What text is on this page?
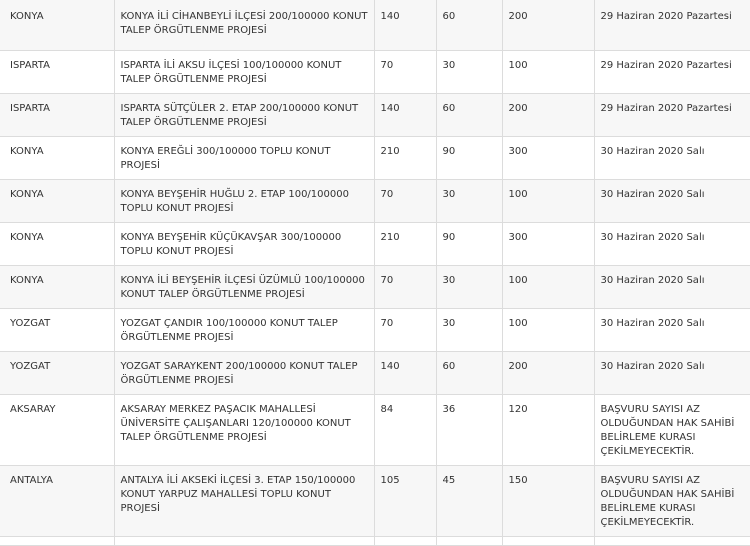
KONYA	KONYA İLİ CİHANBEYLİ İLÇESİ 200/100000 KONUT TALEP ÖRGÜTLENME PROJESİ	140	60	200	29 Haziran 2020 Pazartesi
ISPARTA	ISPARTA İLİ AKSU İLÇESİ 100/100000 KONUT TALEP ÖRGÜTLENME PROJESİ	70	30	100	29 Haziran 2020 Pazartesi
ISPARTA	ISPARTA SÜTÇÜLER 2. ETAP 200/100000 KONUT TALEP ÖRGÜTLENME PROJESİ	140	60	200	29 Haziran 2020 Pazartesi
KONYA	KONYA EREĞLİ 300/100000 TOPLU KONUT PROJESİ	210	90	300	30 Haziran 2020 Salı
KONYA	KONYA BEYŞEHİR HUĞLU 2. ETAP 100/100000 TOPLU KONUT PROJESİ	70	30	100	30 Haziran 2020 Salı
KONYA	KONYA BEYŞEHİR KÜÇÜKAVŞAR 300/100000 TOPLU KONUT PROJESİ	210	90	300	30 Haziran 2020 Salı
KONYA	KONYA İLİ BEYŞEHİR İLÇESİ ÜZÜMLÜ 100/100000 KONUT TALEP ÖRGÜTLENME PROJESİ	70	30	100	30 Haziran 2020 Salı
YOZGAT	YOZGAT ÇANDIR 100/100000 KONUT TALEP ÖRGÜTLENME PROJESİ	70	30	100	30 Haziran 2020 Salı
YOZGAT	YOZGAT SARAYKENT 200/100000 KONUT TALEP ÖRGÜTLENME PROJESİ	140	60	200	30 Haziran 2020 Salı
AKSARAY	AKSARAY MERKEZ PAŞACIK MAHALLESİ ÜNİVERSİTE ÇALIŞANLARI 120/100000 KONUT TALEP ÖRGÜTLENME PROJESİ	84	36	120	BAŞVURU SAYISI AZ OLDUĞUNDAN HAK SAHİBİ BELİRLEME KURASI ÇEKİLMEYECEKTİR.
ANTALYA	ANTALYA İLİ AKSEKİ İLÇESİ 3. ETAP 150/100000 KONUT YARPUZ MAHALLESİ TOPLU KONUT PROJESİ	105	45	150	BAŞVURU SAYISI AZ OLDUĞUNDAN HAK SAHİBİ BELİRLEME KURASI ÇEKİLMEYECEKTİR.
